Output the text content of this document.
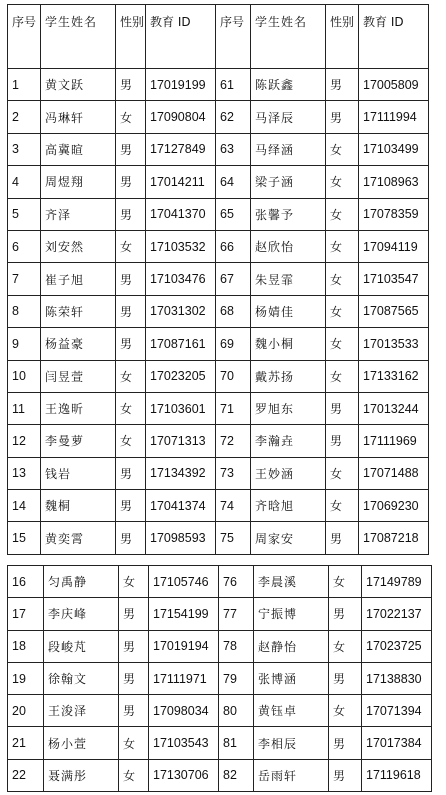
序号	学生姓名	性别	教育 ID	序号	学生姓名	性别	教育 ID
1	黄文跃	男	17019199	61	陈跃鑫	男	17005809
2	冯琳轩	女	17090804	62	马泽辰	男	17111994
3	高冀暄	男	17127849	63	马绎涵	女	17103499
4	周煜翔	男	17014211	64	梁子涵	女	17108963
5	齐泽	男	17041370	65	张馨予	女	17078359
6	刘安然	女	17103532	66	赵欣怡	女	17094119
7	崔子旭	男	17103476	67	朱昱霏	女	17103547
8	陈荣轩	男	17031302	68	杨婧佳	女	17087565
9	杨益豪	男	17087161	69	魏小桐	女	17013533
10	闫昱萱	女	17023205	70	戴苏扬	女	17133162
11	王逸昕	女	17103601	71	罗旭东	男	17013244
12	李曼萝	女	17071313	72	李瀚垚	男	17111969
13	钱岩	男	17134392	73	王妙涵	女	17071488
14	魏桐	男	17041374	74	齐晗旭	女	17069230
15	黄奕霄	男	17098593	75	周家安	男	17087218
16	匀禹静	女	17105746	76	李晨溪	女	17149789
17	李庆峰	男	17154199	77	宁振博	男	17022137
18	段峻芃	男	17019194	78	赵静怡	女	17023725
19	徐翰文	男	17111971	79	张博涵	男	17138830
20	王浚泽	男	17098034	80	黄钰卓	女	17071394
21	杨小萱	女	17103543	81	李相辰	男	17017384
22	聂满彤	女	17130706	82	岳雨轩	男	17119618
